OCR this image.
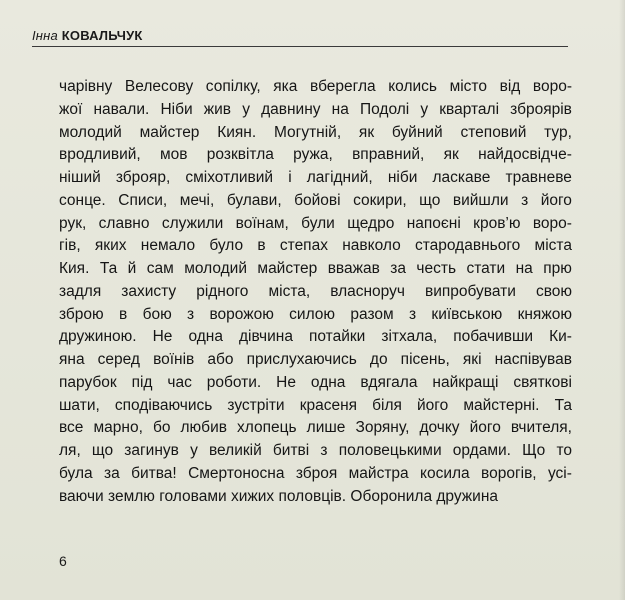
Інна КОВАЛЬЧУК
чарівну Велесову сопілку, яка вберегла колись місто від воро-
жої навали. Ніби жив у давнину на Подолі у кварталі зброярів
молодий майстер Киян. Могутній, як буйний степовий тур,
вродливий, мов розквітла ружа, вправний, як найдосвідче-
ніший зброяр, сміхотливий і лагідний, ніби ласкаве травневе
сонце. Списи, мечі, булави, бойові сокири, що вийшли з його
рук, славно служили воїнам, були щедро напоєні кров’ю воро-
гів, яких немало було в степах навколо стародавнього міста
Кия. Та й сам молодий майстер вважав за честь стати на прю
задля захисту рідного міста, власноруч випробувати свою
зброю в бою з ворожою силою разом з київською княжою
дружиною. Не одна дівчина потайки зітхала, побачивши Ки-
яна серед воїнів або прислухаючись до пісень, які наспівував
парубок під час роботи. Не одна вдягала найкращі святкові
шати, сподіваючись зустріти красеня біля його майстерні. Та
все марно, бо любив хлопець лише Зоряну, дочку його вчителя,
ля, що загинув у великій битві з половецькими ордами. Що то
була за битва! Смертоносна зброя майстра косила ворогів, усі-
ваючи
землю
головами
хижих
половців.
Оборонила
дружина
6
